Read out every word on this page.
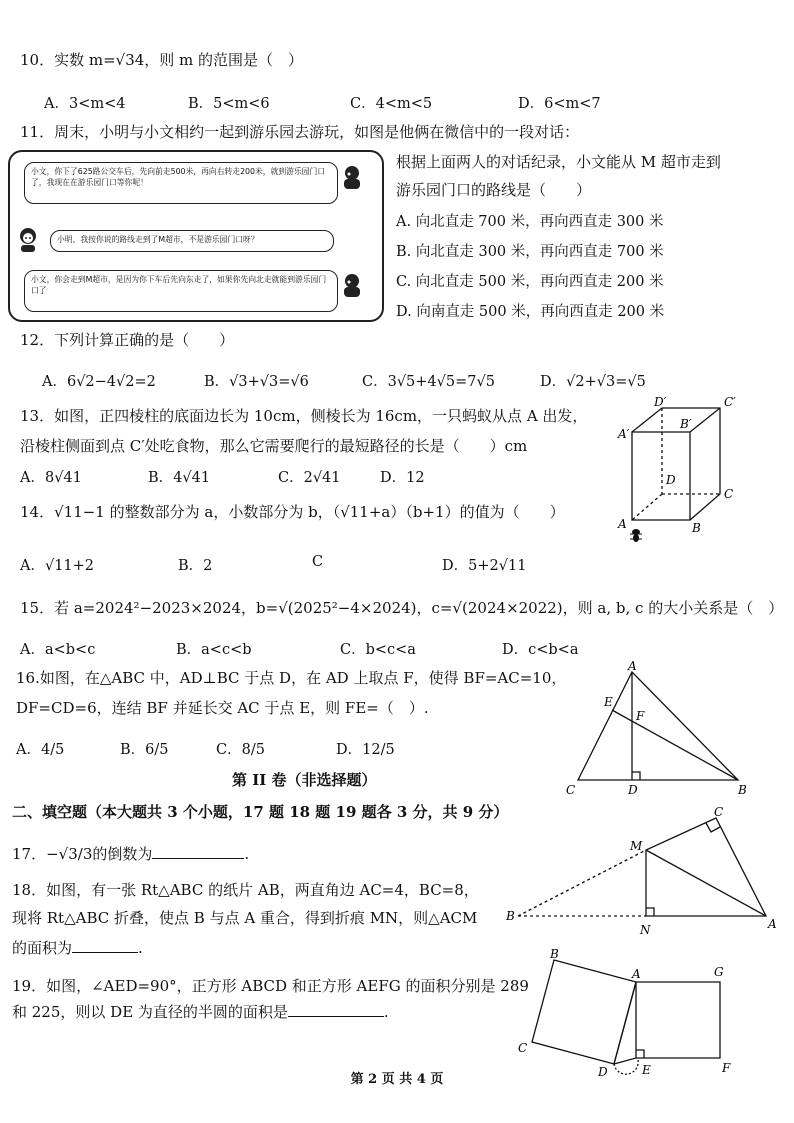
10．实数 m=√34，则 m 的范围是（　）
A．3<m<4	B．5<m<6	C．4<m<5	D．6<m<7
11．周末，小明与小文相约一起到游乐园去游玩，如图是他俩在微信中的一段对话：
小文，你下了625路公交车后，先向前走500米，再向右转走200米，就到游乐园门口了，我现在在游乐园门口等你呢！
小明，我按你说的路线走到了M超市，不是游乐园门口呀？
小文，你会走到M超市，是因为你下车后先向东走了，如果你先向北走就能到游乐园门口了
根据上面两人的对话纪录，小文能从 M 超市走到
游乐园门口的路线是（　　）
A. 向北直走 700 米，再向西直走 300 米
B. 向北直走 300 米，再向西直走 700 米
C. 向北直走 500 米，再向西直走 200 米
D. 向南直走 500 米，再向西直走 200 米
12．下列计算正确的是（　　）
A．6√2−4√2=2	B．√3+√3=√6	C．3√5+4√5=7√5	D．√2+√3=√5
13．如图，正四棱柱的底面边长为 10cm，侧棱长为 16cm，一只蚂蚁从点 A 出发，
沿棱柱侧面到点 C′处吃食物，那么它需要爬行的最短路径的长是（　　）cm
A．8√41	B．4√41	C．2√41	D．12
D′	C′
A′
B′
D
C
A	B
14．√11−1 的整数部分为 a，小数部分为 b，（√11+a）（b+1）的值为（　　）
A．√11+2	B．2	C	D．5+2√11
15．若 a=2024²−2023×2024，b=√(2025²−4×2024)，c=√(2024×2022)，则 a, b, c 的大小关系是（　）
A．a<b<c	B．a<c<b	C．b<c<a	D．c<b<a
16.如图，在△ABC 中，AD⊥BC 于点 D，在 AD 上取点 F，使得 BF=AC=10，
DF=CD=6，连结 BF 并延长交 AC 于点 E，则 FE=（　）.
A．4/5	B．6/5	C．8/5	D．12/5
A
E
F
C	D	B
第 II 卷（非选择题）
二、填空题（本大题共 3 个小题，17 题 18 题 19 题各 3 分，共 9 分）
17．−√3/3的倒数为	.
18．如图，有一张 Rt△ABC 的纸片 AB，两直角边 AC=4，BC=8，
现将 Rt△ABC 折叠，使点 B 与点 A 重合，得到折痕 MN，则△ACM
的面积为	.
C
M
B
N	A
19．如图，∠AED=90°，正方形 ABCD 和正方形 AEFG 的面积分别是 289
和 225，则以 DE 为直径的半圆的面积是	.
B
A	G
C
D	E	F
第 2 页 共 4 页
